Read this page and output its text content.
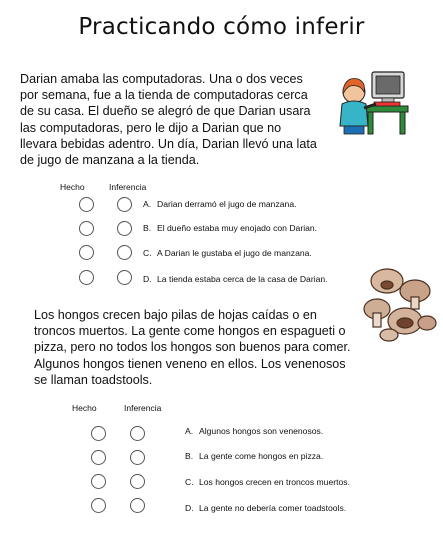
Practicando cómo inferir
Darian amaba las computadoras. Una o dos veces por semana, fue a la tienda de computadoras cerca de su casa. El dueño se alegró de que Darian usara las computadoras, pero le dijo a Darian que no llevara bebidas adentro. Un día, Darian llevó una lata de jugo de manzana a la tienda.
Hecho	Inferencia
A. Darian derramó el jugo de manzana.
B. El dueño estaba muy enojado con Darian.
C. A Darian le gustaba el jugo de manzana.
D. La tienda estaba cerca de la casa de Darian.
Los hongos crecen bajo pilas de hojas caídas o en troncos muertos. La gente come hongos en espagueti o pizza, pero no todos los hongos son buenos para comer. Algunos hongos tienen veneno en ellos. Los venenosos se llaman toadstools.
Hecho	Inferencia
A. Algunos hongos son venenosos.
B. La gente come hongos en pizza.
C. Los hongos crecen en troncos muertos.
D. La gente no debería comer toadstools.
